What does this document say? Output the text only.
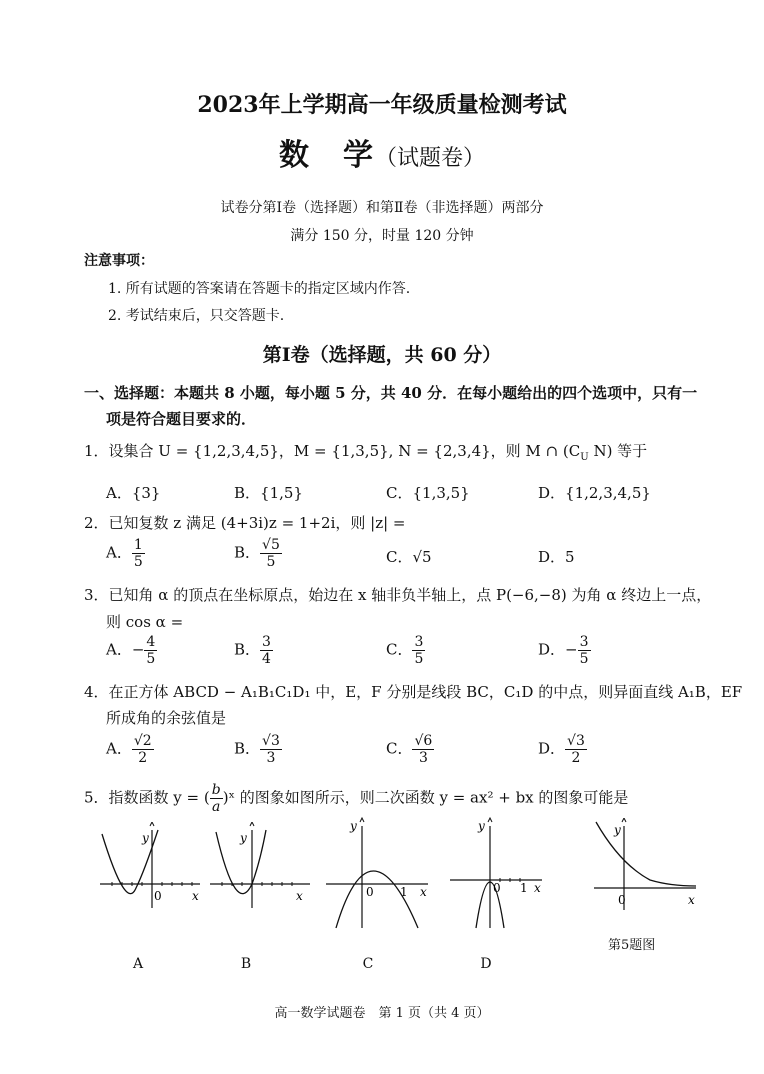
2023年上学期高一年级质量检测考试
数　学（试题卷）
试卷分第Ⅰ卷（选择题）和第Ⅱ卷（非选择题）两部分
满分 150 分，时量 120 分钟
注意事项：
1. 所有试题的答案请在答题卡的指定区域内作答.
2. 考试结束后，只交答题卡.
第Ⅰ卷（选择题，共 60 分）
一、选择题：本题共 8 小题，每小题 5 分，共 40 分．在每小题给出的四个选项中，只有一
项是符合题目要求的．
1．设集合 U = {1,2,3,4,5}，M = {1,3,5}, N = {2,3,4}，则 M ∩ ($C_U$ N) 等于
A．{3}	B．{1,5}	C．{1,3,5}	D．{1,2,3,4,5}
2．已知复数 z 满足 (4+3i)z = 1+2i，则 |z| =
A． $\frac{1}{5}$	B． $\frac{√5}{5}$	C．√5	D．5
3．已知角 α 的顶点在坐标原点，始边在 x 轴非负半轴上，点 P(−6,−8) 为角 α 终边上一点，
则 cos α =
A．− $\frac{4}{5}$	B． $\frac{3}{4}$	C． $\frac{3}{5}$	D．− $\frac{3}{5}$
4．在正方体 ABCD − A₁B₁C₁D₁ 中，E，F 分别是线段 BC，C₁D 的中点，则异面直线 A₁B，EF
所成角的余弦值是
A． $\frac{√2}{2}$	B． $\frac{√3}{3}$	C． $\frac{√6}{3}$	D． $\frac{√3}{2}$
5．指数函数 y = ( $\frac{b}{a}$ )ˣ 的图象如图所示，则二次函数 y = ax² + bx 的图象可能是
y
x
0
y
x
y
x
0 1
y
x
0 1
y
x
0
第5题图
A	B	C	D
高一数学试题卷　第 1 页（共 4 页）
